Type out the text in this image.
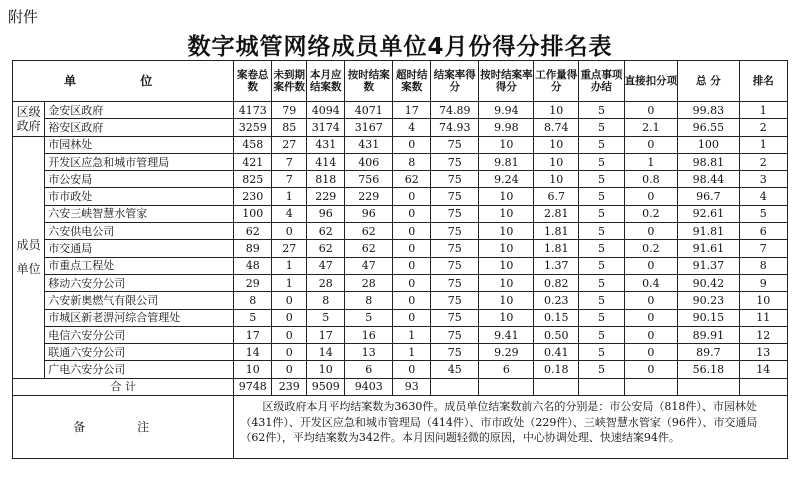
附件
数字城管网络成员单位4月份得分排名表
单 位		案卷总数	未到期案件数	本月应结案数	按时结案数	超时结案数	结案率得分	按时结案率得分	工作量得分	重点事项办结	直接扣分项	总 分	排名
区级政府	金安区政府	4173	79	4094	4071	17	74.89	9.94	10	5	0	99.83	1
	裕安区政府	3259	85	3174	3167	4	74.93	9.98	8.74	5	2.1	96.55	2
成员单位	市园林处	458	27	431	431	0	75	10	10	5	0	100	1
	开发区应急和城市管理局	421	7	414	406	8	75	9.81	10	5	1	98.81	2
	市公安局	825	7	818	756	62	75	9.24	10	5	0.8	98.44	3
	市市政处	230	1	229	229	0	75	10	6.7	5	0	96.7	4
	六安三峡智慧水管家	100	4	96	96	0	75	10	2.81	5	0.2	92.61	5
	六安供电公司	62	0	62	62	0	75	10	1.81	5	0	91.81	6
	市交通局	89	27	62	62	0	75	10	1.81	5	0.2	91.61	7
	市重点工程处	48	1	47	47	0	75	10	1.37	5	0	91.37	8
	移动六安分公司	29	1	28	28	0	75	10	0.82	5	0.4	90.42	9
	六安新奥燃气有限公司	8	0	8	8	0	75	10	0.23	5	0	90.23	10
	市城区新老淠河综合管理处	5	0	5	5	0	75	10	0.15	5	0	90.15	11
	电信六安分公司	17	0	17	16	1	75	9.41	0.50	5	0	89.91	12
	联通六安分公司	14	0	14	13	1	75	9.29	0.41	5	0	89.7	13
	广电六安分公司	10	0	10	6	0	45	6	0.18	5	0	56.18	14
合 计		9748	239	9509	9403	93							
备 注		区级政府本月平均结案数为3630件。成员单位结案数前六名的分别是：市公安局（818件）、市园林处（431件）、开发区应急和城市管理局（414件）、市市政处（229件）、三峡智慧水管家（96件）、市交通局（62件），平均结案数为342件。本月因问题轻微的原因，中心协调处理、快速结案94件。											
